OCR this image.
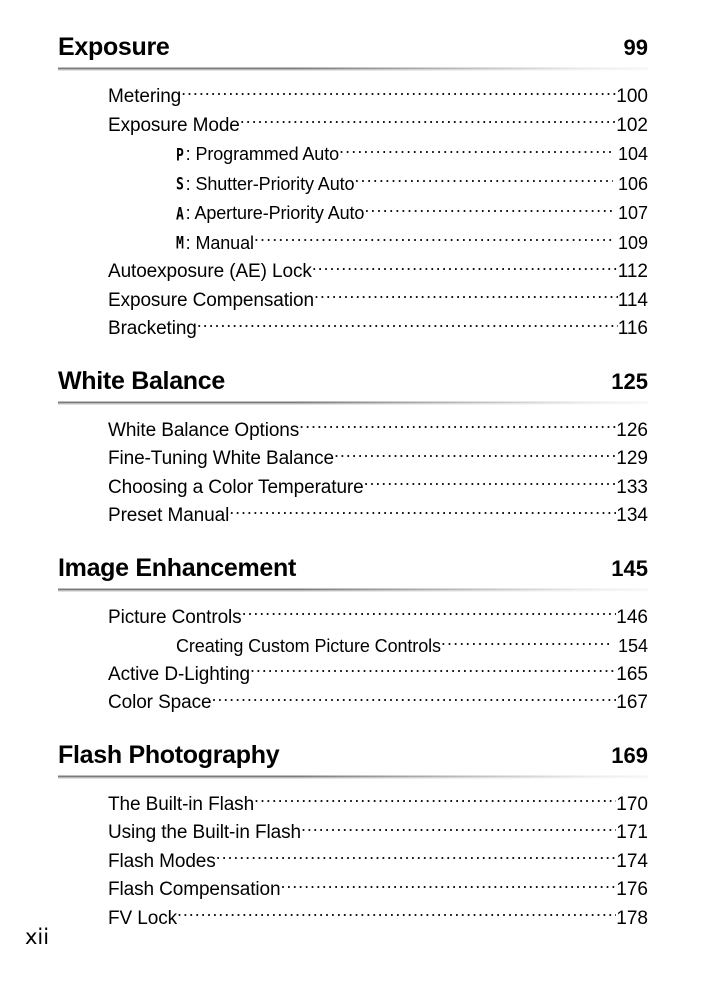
Exposure	99
Metering .....	100
Exposure Mode .....	102
P: Programmed Auto .....	104
S: Shutter-Priority Auto .....	106
A: Aperture-Priority Auto .....	107
M: Manual .....	109
Autoexposure (AE) Lock .....	112
Exposure Compensation .....	114
Bracketing .....	116
White Balance	125
White Balance Options .....	126
Fine-Tuning White Balance .....	129
Choosing a Color Temperature .....	133
Preset Manual .....	134
Image Enhancement	145
Picture Controls .....	146
Creating Custom Picture Controls .....	154
Active D-Lighting .....	165
Color Space .....	167
Flash Photography	169
The Built-in Flash .....	170
Using the Built-in Flash .....	171
Flash Modes .....	174
Flash Compensation .....	176
FV Lock .....	178
xii
